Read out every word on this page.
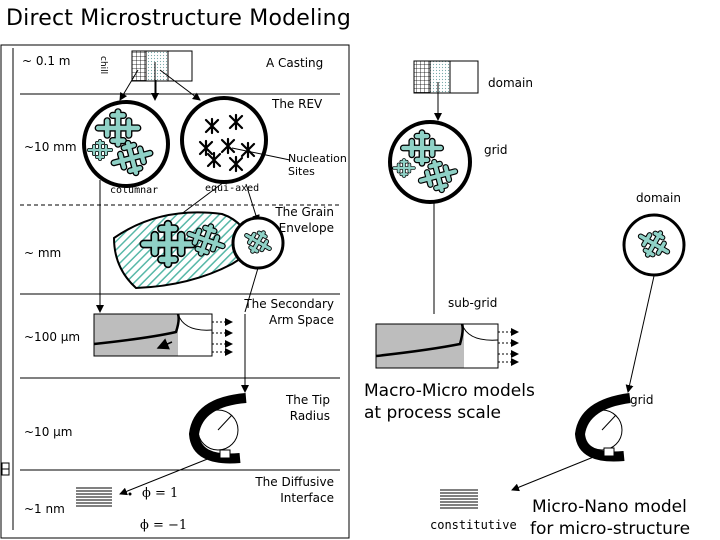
Direct Microstructure Modeling
~ 0.1 m
~10 mm
~ mm
~100 μm
~10 μm
~1 nm
chill	A Casting
The REV
Nucleation
Sites
columnar	equi-axed
The Grain
Envelope
The Secondary
Arm Space
The Tip
Radius
The Diffusive
Interface
ϕ = 1
ϕ = −1
domain
grid
domain
sub-grid
Macro-Micro models
at process scale
grid
constitutive
Micro-Nano model
for micro-structure
